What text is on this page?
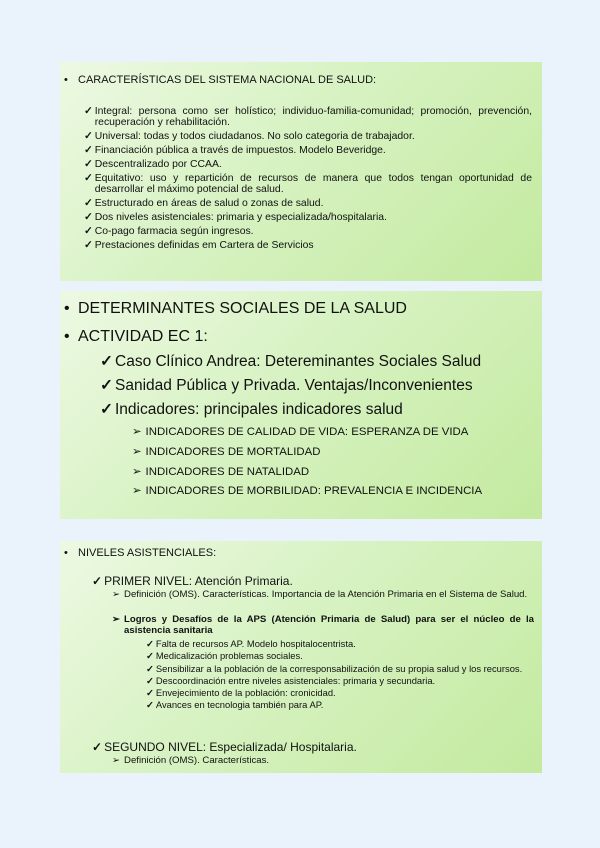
• CARACTERÍSTICAS DEL SISTEMA NACIONAL DE SALUD:
✓ Integral: persona como ser holístico; individuo-familia-comunidad; promoción, prevención, recuperación y rehabilitación.
✓ Universal: todas y todos ciudadanos. No solo categoria de trabajador.
✓ Financiación pública a través de impuestos. Modelo Beveridge.
✓ Descentralizado por CCAA.
✓ Equitativo: uso y repartición de recursos de manera que todos tengan oportunidad de desarrollar el máximo potencial de salud.
✓ Estructurado en áreas de salud o zonas de salud.
✓ Dos niveles asistenciales: primaria y especializada/hospitalaria.
✓ Co-pago farmacia según ingresos.
✓ Prestaciones definidas em Cartera de Servicios
• DETERMINANTES SOCIALES DE LA SALUD
• ACTIVIDAD EC 1:
✓ Caso Clínico Andrea: Detereminantes Sociales Salud
✓ Sanidad Pública y Privada. Ventajas/Inconvenientes
✓ Indicadores: principales indicadores salud
➢ INDICADORES DE CALIDAD DE VIDA: ESPERANZA DE VIDA
➢ INDICADORES DE MORTALIDAD
➢ INDICADORES DE NATALIDAD
➢ INDICADORES DE MORBILIDAD: PREVALENCIA E INCIDENCIA
• NIVELES ASISTENCIALES:
✓ PRIMER NIVEL: Atención Primaria.
➢ Definición (OMS). Características. Importancia de la Atención Primaria en el Sistema de Salud.
➢ Logros y Desafíos de la APS (Atención Primaria de Salud) para ser el núcleo de la asistencia sanitaria
✓ Falta de recursos AP. Modelo hospitalocentrista.
✓ Medicalización problemas sociales.
✓ Sensibilizar a la población de la corresponsabilización de su propia salud y los recursos.
✓ Descoordinación entre niveles asistenciales: primaria y secundaria.
✓ Envejecimiento de la población: cronicidad.
✓ Avances en tecnologia también para AP.
✓ SEGUNDO NIVEL: Especializada/ Hospitalaria.
➢ Definición (OMS). Características.
